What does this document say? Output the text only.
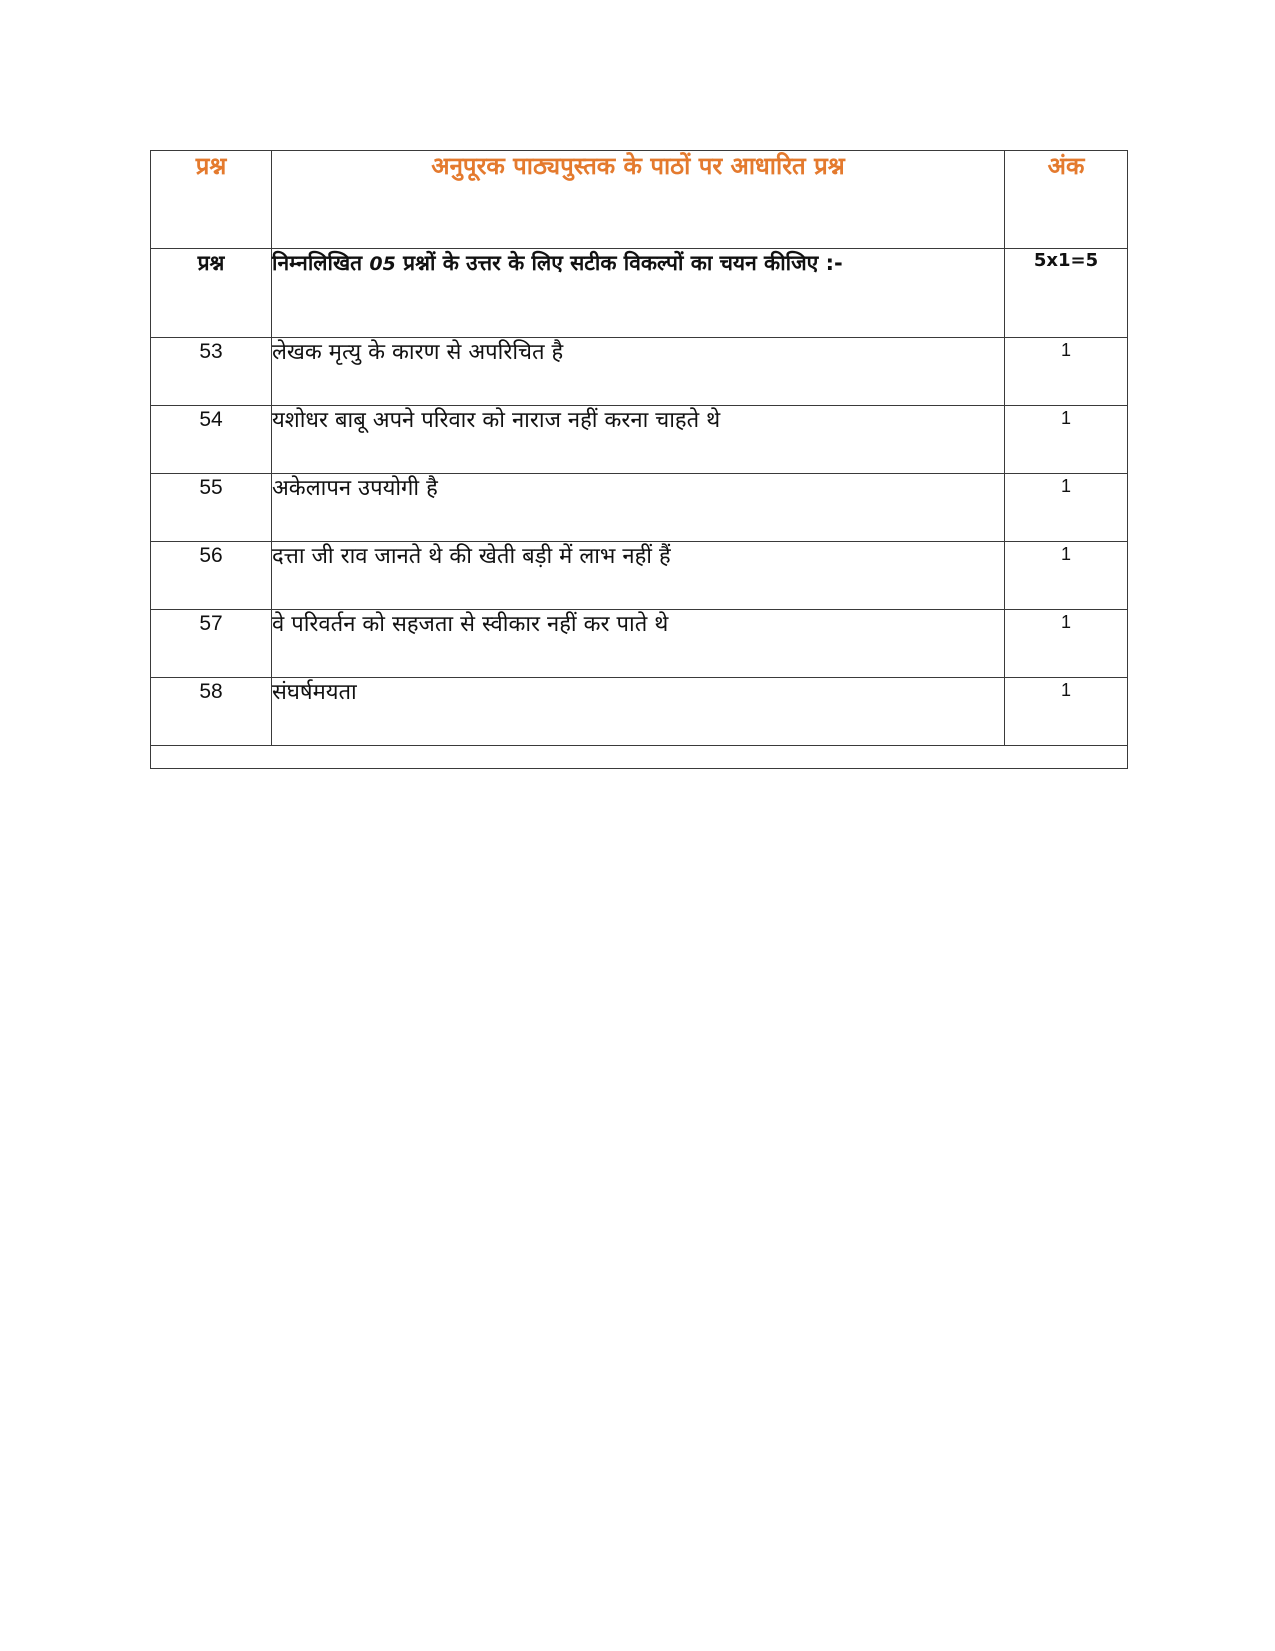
प्रश्न	अनुपूरक पाठ्यपुस्तक के पाठों पर आधारित प्रश्न	अंक
प्रश्न	निम्नलिखित 05 प्रश्नों के उत्तर के लिए सटीक विकल्पों का चयन कीजिए :-	5x1=5
53	लेखक मृत्यु के कारण से अपरिचित है	1
54	यशोधर बाबू अपने परिवार को नाराज नहीं करना चाहते थे	1
55	अकेलापन उपयोगी है	1
56	दत्ता जी राव जानते थे की खेती बड़ी में लाभ नहीं हैं	1
57	वे परिवर्तन को सहजता से स्वीकार नहीं कर पाते थे	1
58	संघर्षमयता	1
